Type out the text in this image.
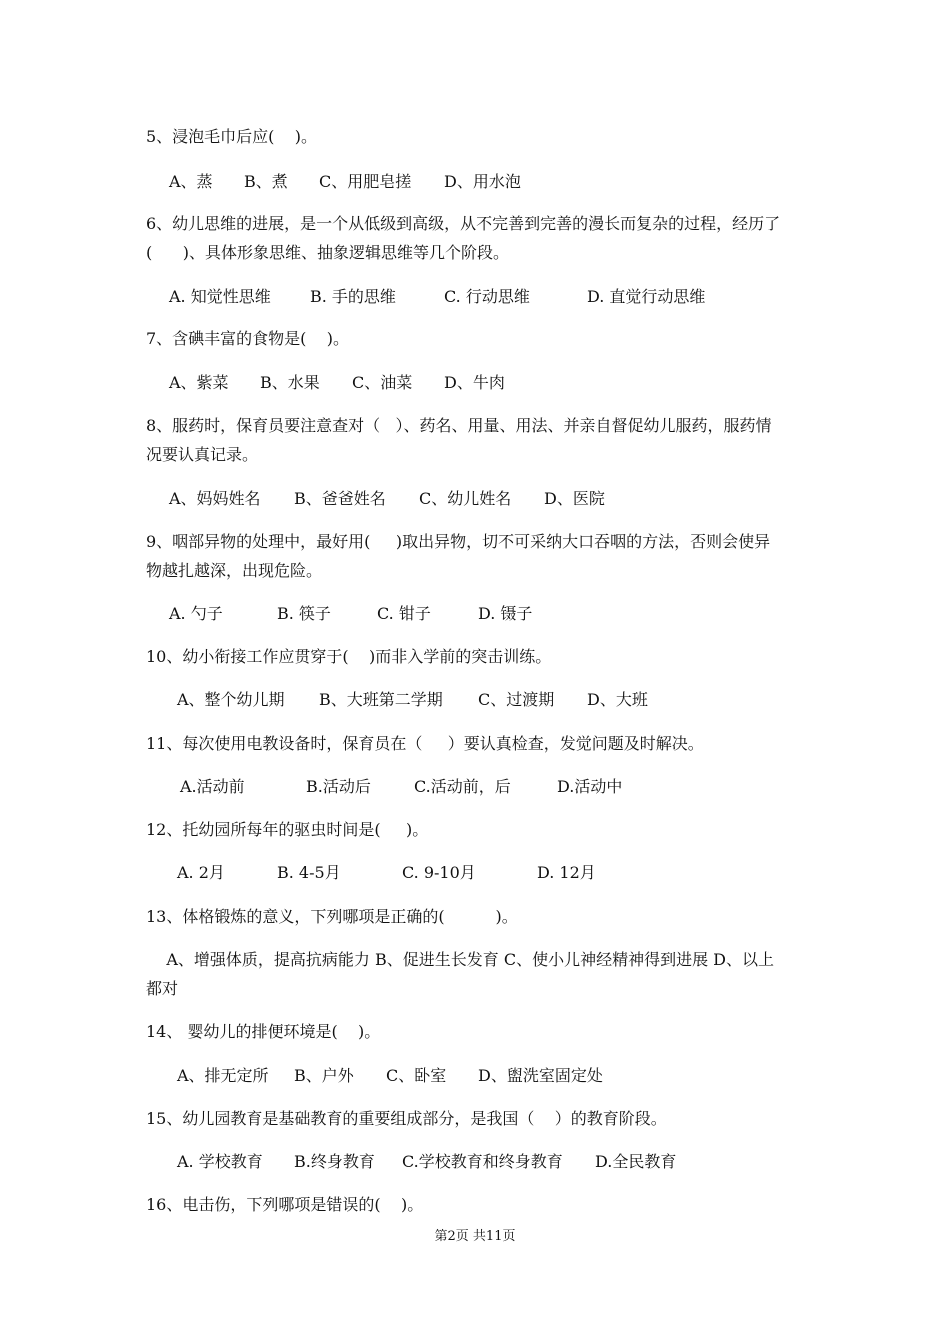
5、浸泡毛巾后应(    )。
A、蒸 B、煮 C、用肥皂搓 D、用水泡
6、幼儿思维的进展，是一个从低级到高级，从不完善到完善的漫长而复杂的过程，经历了
(      )、具体形象思维、抽象逻辑思维等几个阶段。
A. 知觉性思维 B. 手的思维	C. 行动思维	D. 直觉行动思维
7、含碘丰富的食物是(    )。
A、紫菜 B、水果 C、油菜 D、牛肉
8、服药时，保育员要注意查对（   ）、药名、用量、用法、并亲自督促幼儿服药，服药情
况要认真记录。
A、妈妈姓名 B、爸爸姓名 C、幼儿姓名 D、医院
9、咽部异物的处理中，最好用(     )取出异物，切不可采纳大口吞咽的方法，否则会使异
物越扎越深，出现危险。
A. 勺子	B. 筷子	C. 钳子	D. 镊子
10、幼小衔接工作应贯穿于(    )而非入学前的突击训练。
A、整个幼儿期 B、大班第二学期 C、过渡期 D、大班
11、每次使用电教设备时，保育员在（     ）要认真检查，发觉问题及时解决。
A.活动前	B.活动后	C.活动前，后	D.活动中
12、托幼园所每年的驱虫时间是(     )。
A. 2月	B. 4-5月	C. 9-10月	D. 12月
13、体格锻炼的意义，下列哪项是正确的(          )。
A、增强体质，提高抗病能力 B、促进生长发育 C、使小儿神经精神得到进展 D、以上
都对
14、 婴幼儿的排便环境是(    )。
A、排无定所 B、户外 C、卧室 D、盥洗室固定处
15、幼儿园教育是基础教育的重要组成部分，是我国（    ）的教育阶段。
A. 学校教育 B.终身教育 C.学校教育和终身教育 D.全民教育
16、电击伤，下列哪项是错误的(    )。
第2页 共11页
